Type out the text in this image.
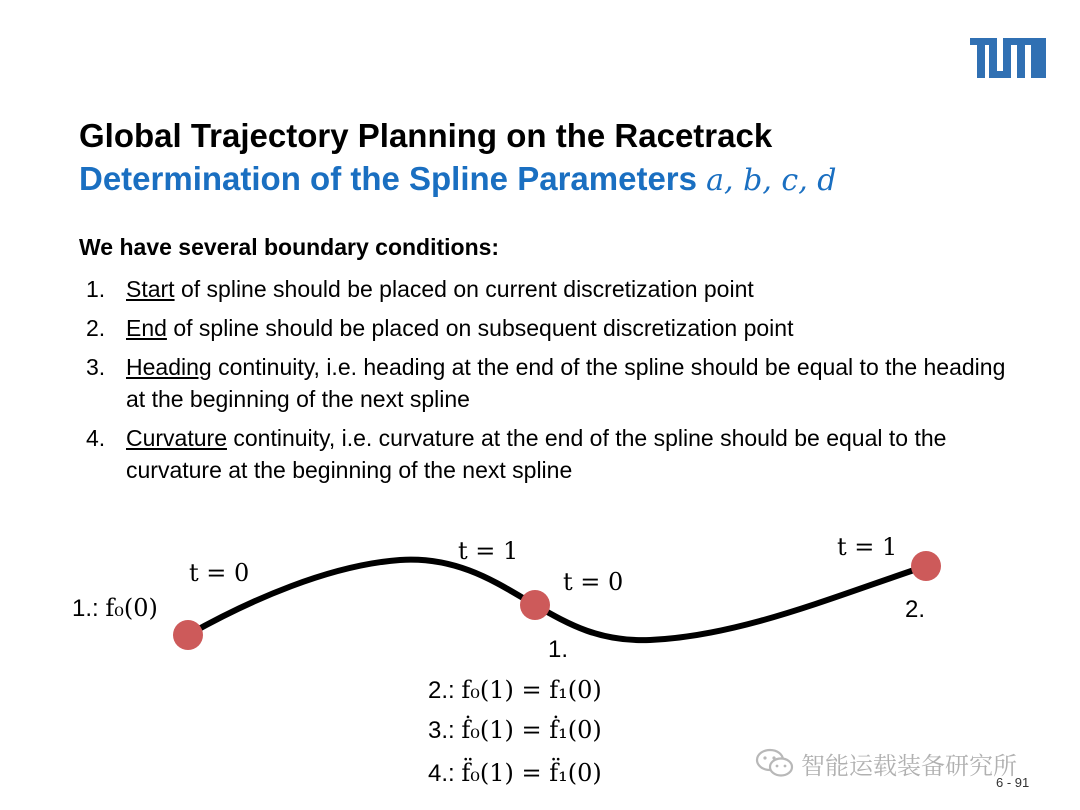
Global Trajectory Planning on the Racetrack
Determination of the Spline Parameters a, b, c, d
We have several boundary conditions:
1. Start of spline should be placed on current discretization point
2. End of spline should be placed on subsequent discretization point
3. Heading continuity, i.e. heading at the end of the spline should be equal to the heading at the beginning of the next spline
4. Curvature continuity, i.e. curvature at the end of the spline should be equal to the curvature at the beginning of the next spline
t = 0
t = 1
t = 0
t = 1
1.: f₀(0)
1.
2.
2.: f₀(1) = f₁(0)
3.: ḟ₀(1) = ḟ₁(0)
4.: f̈₀(1) = f̈₁(0)	智能运载装备研究所
6 - 91
